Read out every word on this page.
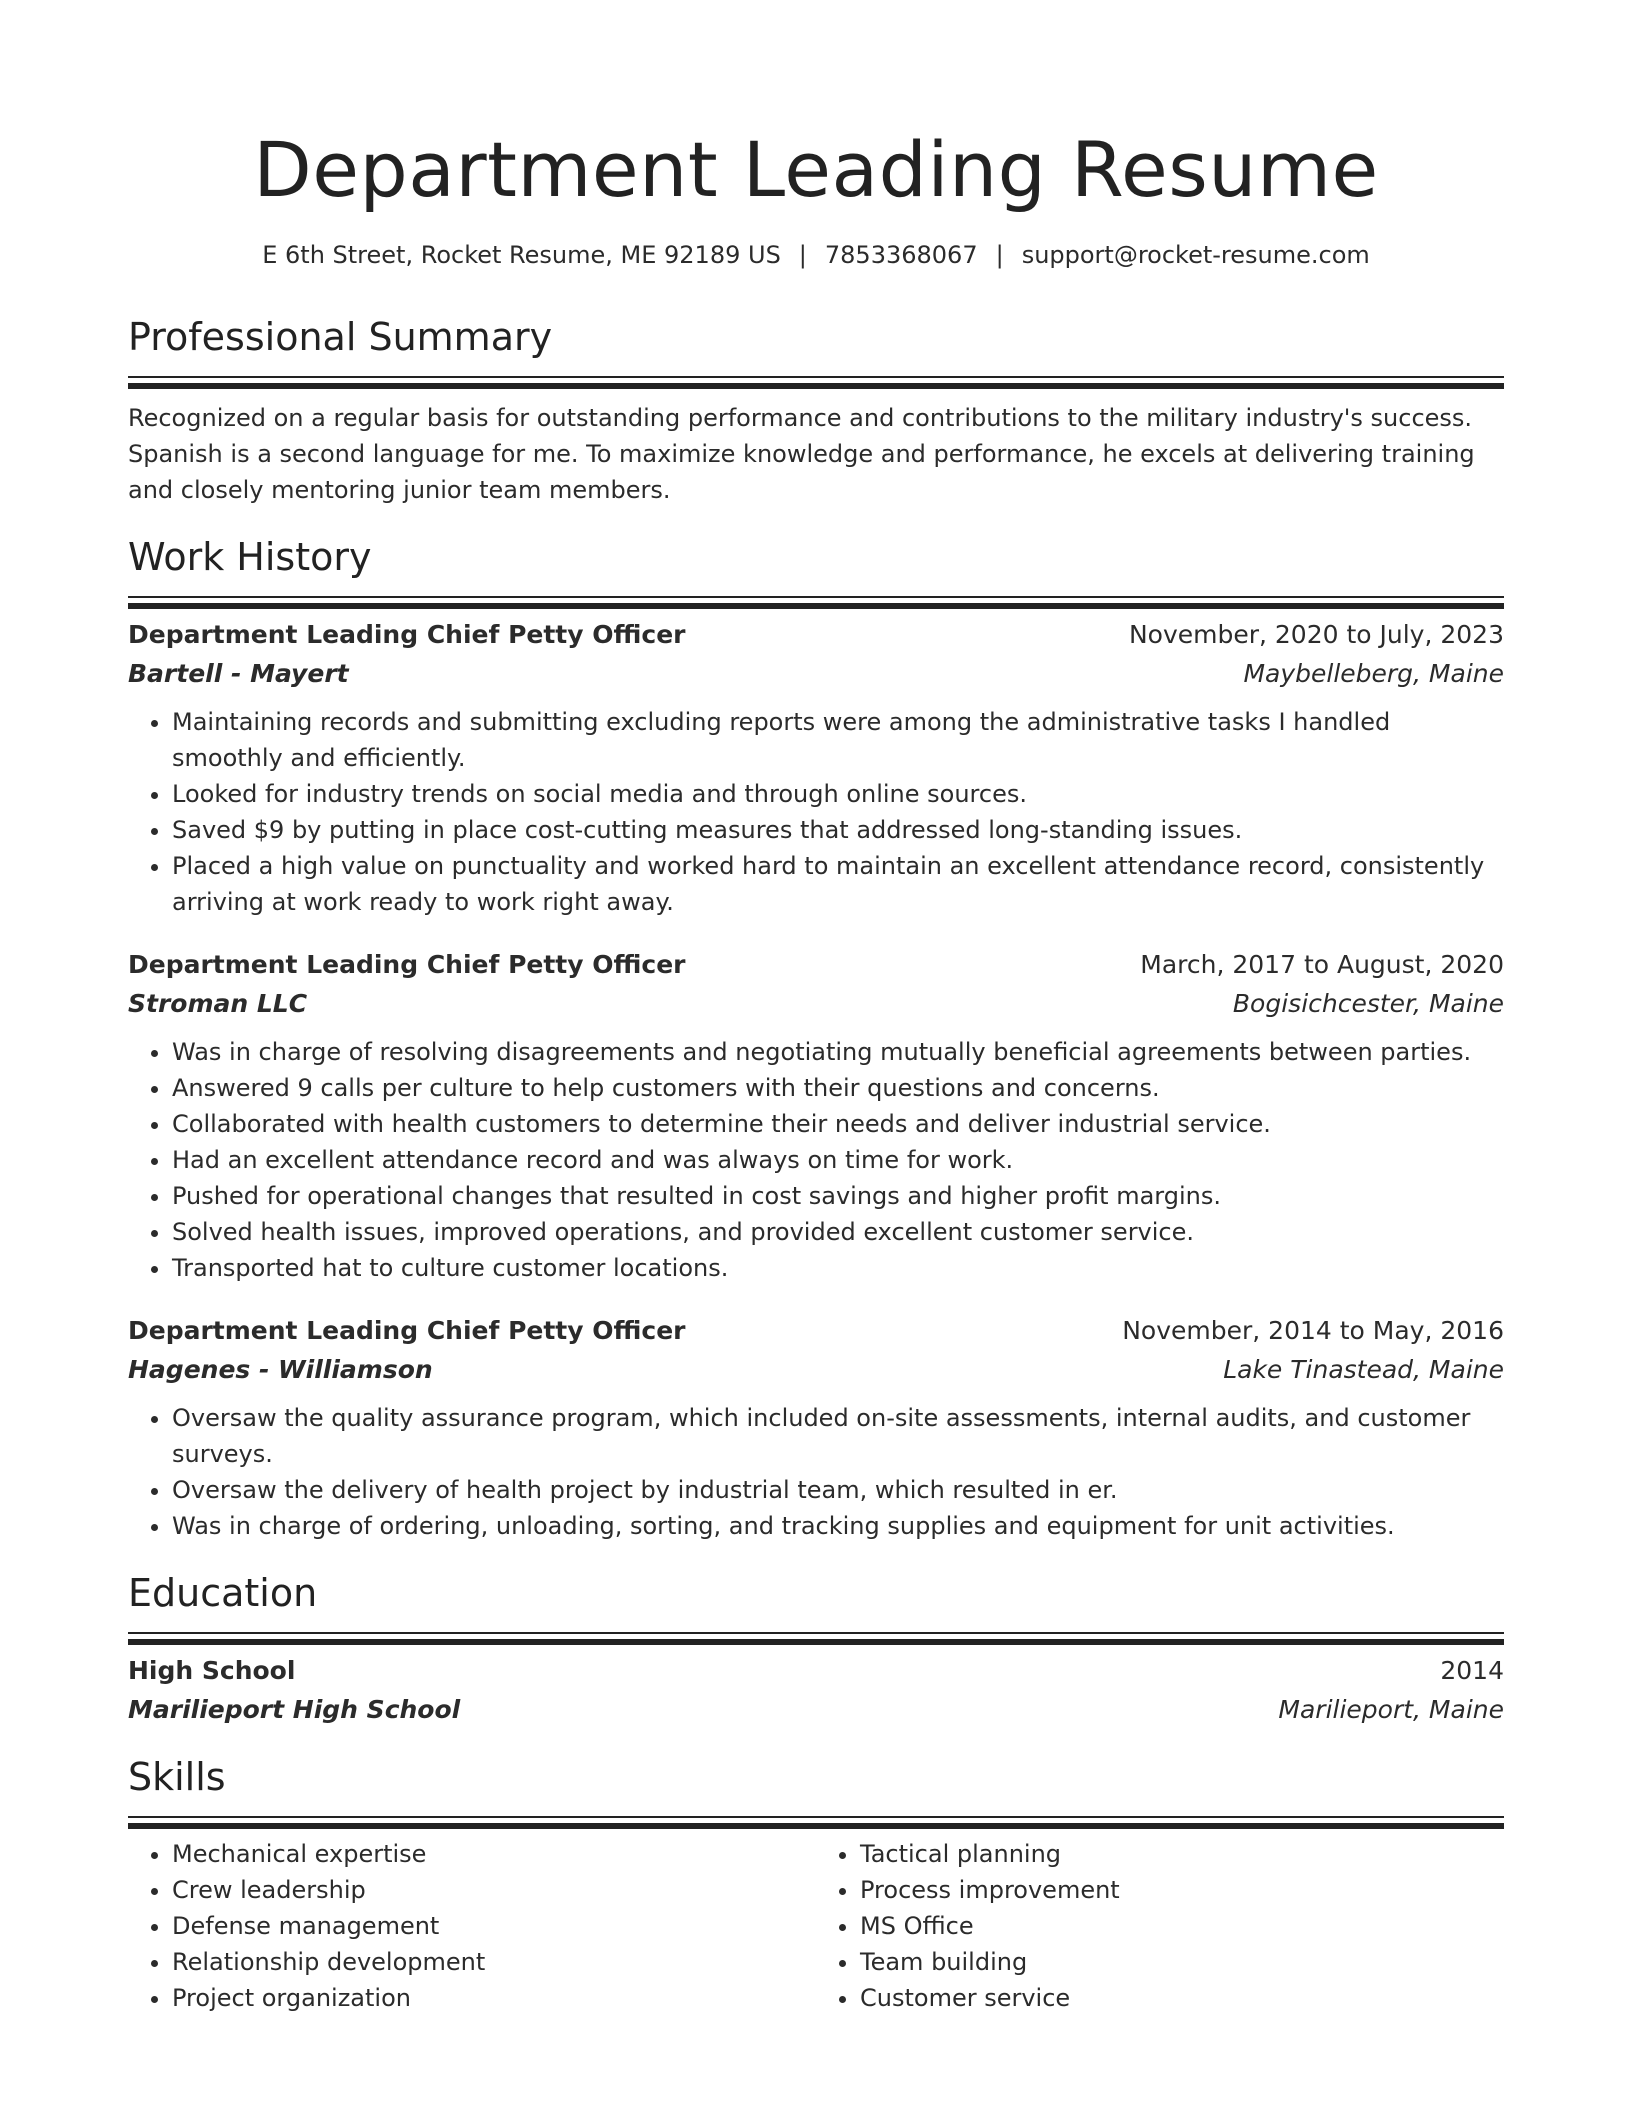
Department Leading Resume
E 6th Street, Rocket Resume, ME 92189 US | 7853368067 | support@rocket-resume.com
Professional Summary

Recognized on a regular basis for outstanding performance and contributions to the military industry's success. Spanish is a second language for me. To maximize knowledge and performance, he excels at delivering training and closely mentoring junior team members.

Work History
Department Leading Chief Petty Officer	November, 2020 to July, 2023
Bartell - Mayert	Maybelleberg, Maine
• Maintaining records and submitting excluding reports were among the administrative tasks I handled smoothly and efficiently.
• Looked for industry trends on social media and through online sources.
• Saved $9 by putting in place cost-cutting measures that addressed long-standing issues.
• Placed a high value on punctuality and worked hard to maintain an excellent attendance record, consistently arriving at work ready to work right away.
Department Leading Chief Petty Officer	March, 2017 to August, 2020
Stroman LLC	Bogisichcester, Maine
• Was in charge of resolving disagreements and negotiating mutually beneficial agreements between parties.
• Answered 9 calls per culture to help customers with their questions and concerns.
• Collaborated with health customers to determine their needs and deliver industrial service.
• Had an excellent attendance record and was always on time for work.
• Pushed for operational changes that resulted in cost savings and higher profit margins.
• Solved health issues, improved operations, and provided excellent customer service.
• Transported hat to culture customer locations.
Department Leading Chief Petty Officer	November, 2014 to May, 2016
Hagenes - Williamson	Lake Tinastead, Maine
• Oversaw the quality assurance program, which included on-site assessments, internal audits, and customer surveys.
• Oversaw the delivery of health project by industrial team, which resulted in er.
• Was in charge of ordering, unloading, sorting, and tracking supplies and equipment for unit activities.
Education
High School	2014
Marilieport High School	Marilieport, Maine
Skills
• Mechanical expertise
• Crew leadership
• Defense management
• Relationship development
• Project organization
• Tactical planning
• Process improvement
• MS Office
• Team building
• Customer service
